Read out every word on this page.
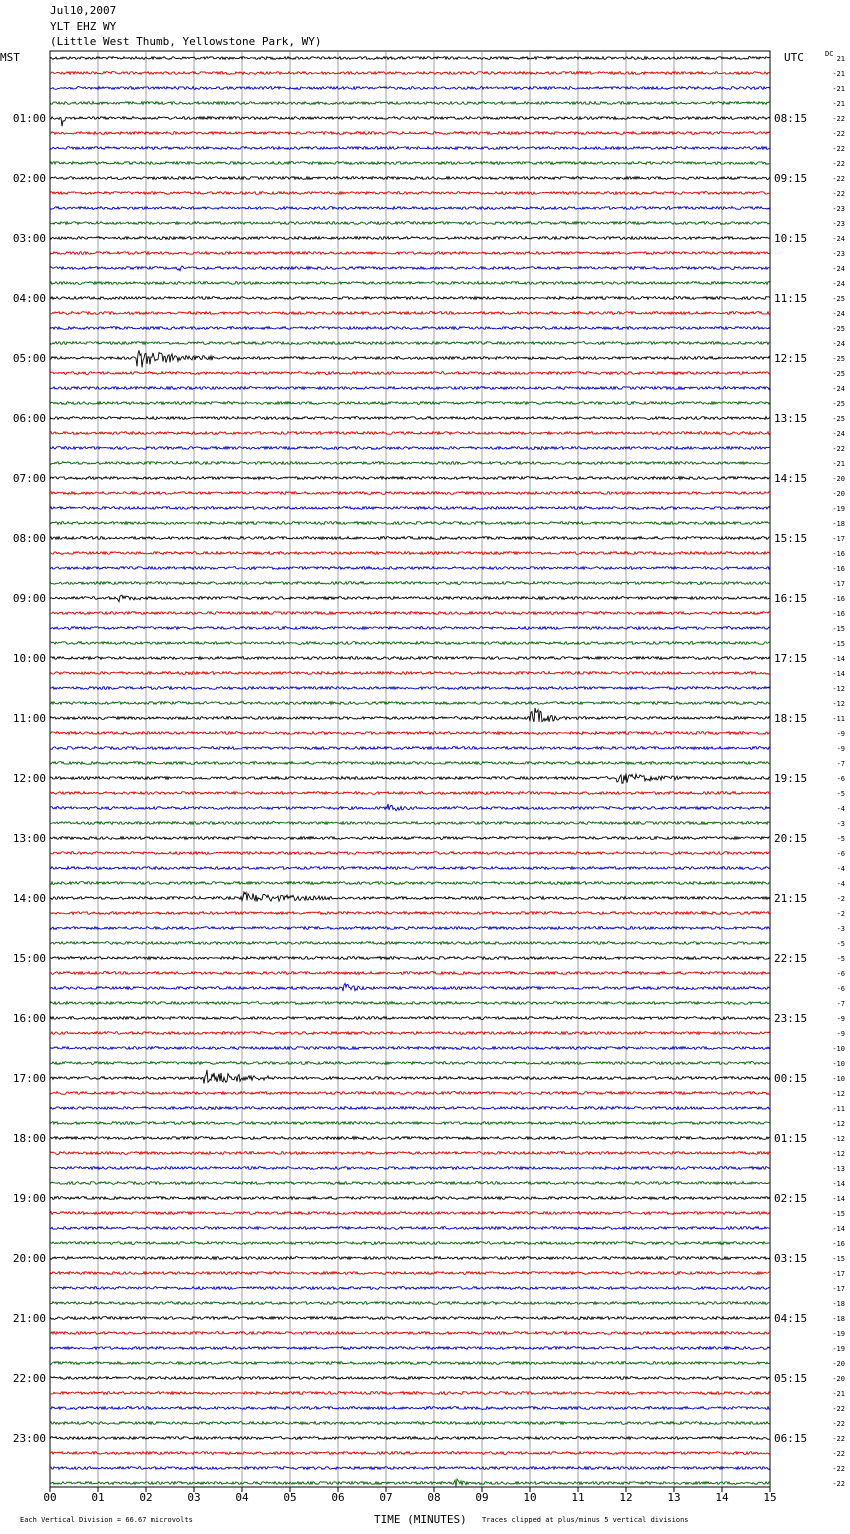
Jul10,2007
YLT EHZ WY
(Little West Thumb, Yellowstone Park, WY)
01:00
02:00
03:00
04:00
05:00
06:00
07:00
08:00
09:00
10:00
11:00
12:00
13:00
14:00
15:00
16:00
17:00
18:00
19:00
20:00
21:00
22:00
23:00
08:15
09:15
10:15
11:15
12:15
13:15
14:15
15:15
16:15
17:15
18:15
19:15
20:15
21:15
22:15
23:15
00:15
01:15
02:15
03:15
04:15
05:15
06:15
21
-21
-21
-21
-22
-22
-22
-22
-22
-22
-23
-23
-24
-23
-24
-24
-25
-24
-25
-24
-25
-25
-24
-25
-25
-24
-22
-21
-20
-20
-19
-18
-17
-16
-16
-17
-16
-16
-15
-15
-14
-14
-12
-12
-11
-9
-9
-7
-6
-5
-4
-3
-5
-6
-4
-4
-2
-2
-3
-5
-5
-6
-6
-7
-9
-9
-10
-10
-10
-12
-11
-12
-12
-12
-13
-14
-14
-15
-14
-16
-15
-17
-17
-18
-18
-19
-19
-20
-20
-21
-22
-22
-22
-22
-22
-22
00	01	02	03	04	05	06	07	08	09	10	11	12	13	14	15
MST	UTC	DC
TIME (MINUTES)
Each Vertical Division = 66.67 microvolts	Traces clipped at plus/minus 5 vertical divisions
